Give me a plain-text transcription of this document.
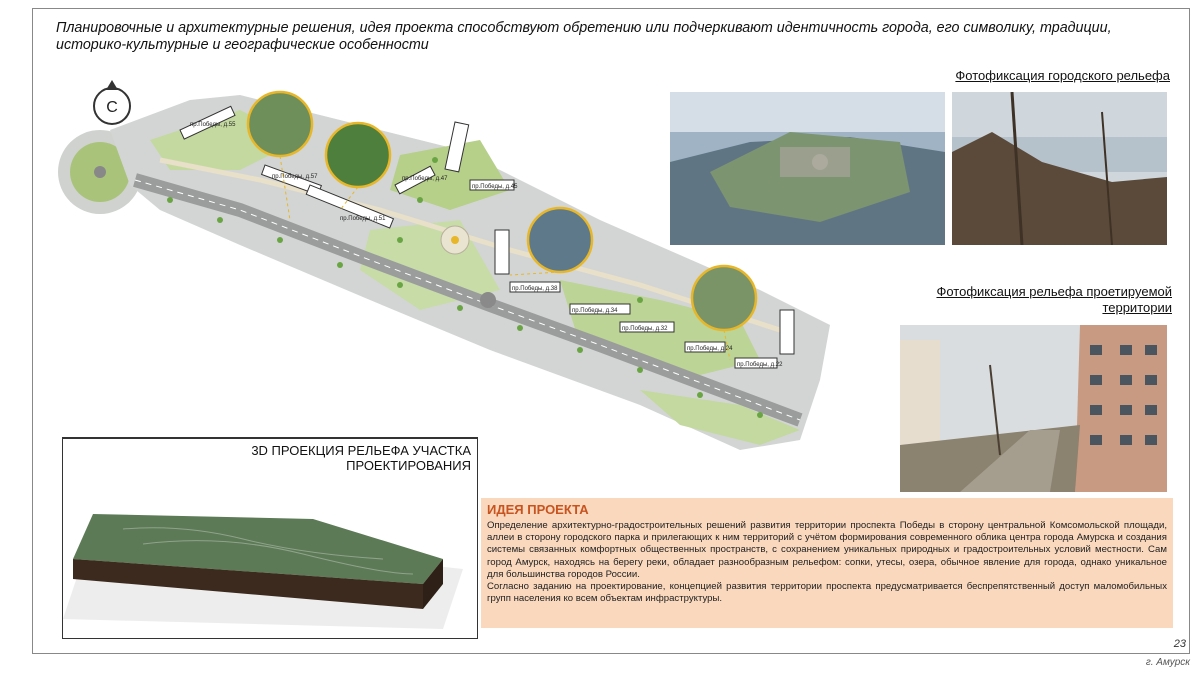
Планировочные и архитектурные решения, идея проекта способствуют обретению или подчеркивают идентичность города, его символику, традиции, историко-культурные и географические особенности
пр.Победы, д.55
пр.Победы, д.57
пр.Победы, д.51
пр.Победы, д.47
пр.Победы, д.45
пр.Победы, д.38
пр.Победы, д.34
пр.Победы, д.32
пр.Победы, д.24
пр.Победы, д.22
С
Фотофиксация городского рельефа
Фотофиксация рельефа проетируемой территории
3D ПРОЕКЦИЯ РЕЛЬЕФА УЧАСТКА
ПРОЕКТИРОВАНИЯ
ИДЕЯ ПРОЕКТА
Определение архитектурно-градостроительных решений развития территории проспекта Победы в сторону центральной Комсомольской площади, аллеи в сторону городского парка и прилегающих к ним территорий с учётом формирования современного облика центра города Амурска и создания системы связанных комфортных общественных пространств, с сохранением уникальных природных и градостроительных условий местности. Сам город Амурск, находясь на берегу реки, обладает разнообразным рельефом: сопки, утесы, озера, обычное явление для города, однако уникальное для большинства городов России.
Согласно заданию на проектирование, концепцией развития территории проспекта предусматривается беспрепятственный доступ маломобильных групп населения ко всем объектам инфраструктуры.
23
г. Амурск
